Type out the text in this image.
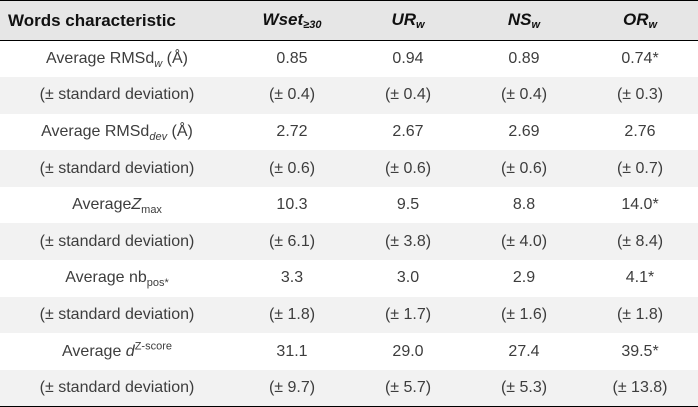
Words characteristic	Wset$_{\ge 30}$	$UR_w$	$NS_w$	$OR_w$
Average RMSd$_w$ (Å)	0.85	0.94	0.89	0.74*
(± standard deviation)	(± 0.4)	(± 0.4)	(± 0.4)	(± 0.3)
Average RMSd$_{dev}$ (Å)	2.72	2.67	2.69	2.76
(± standard deviation)	(± 0.6)	(± 0.6)	(± 0.6)	(± 0.7)
AverageZ$_{max}$	10.3	9.5	8.8	14.0*
(± standard deviation)	(± 6.1)	(± 3.8)	(± 4.0)	(± 8.4)
Average $nb_{pos*}$	3.3	3.0	2.9	4.1*
(± standard deviation)	(± 1.8)	(± 1.7)	(± 1.6)	(± 1.8)
Average $d^{Z-score}$	31.1	29.0	27.4	39.5*
(± standard deviation)	(± 9.7)	(± 5.7)	(± 5.3)	(± 13.8)
